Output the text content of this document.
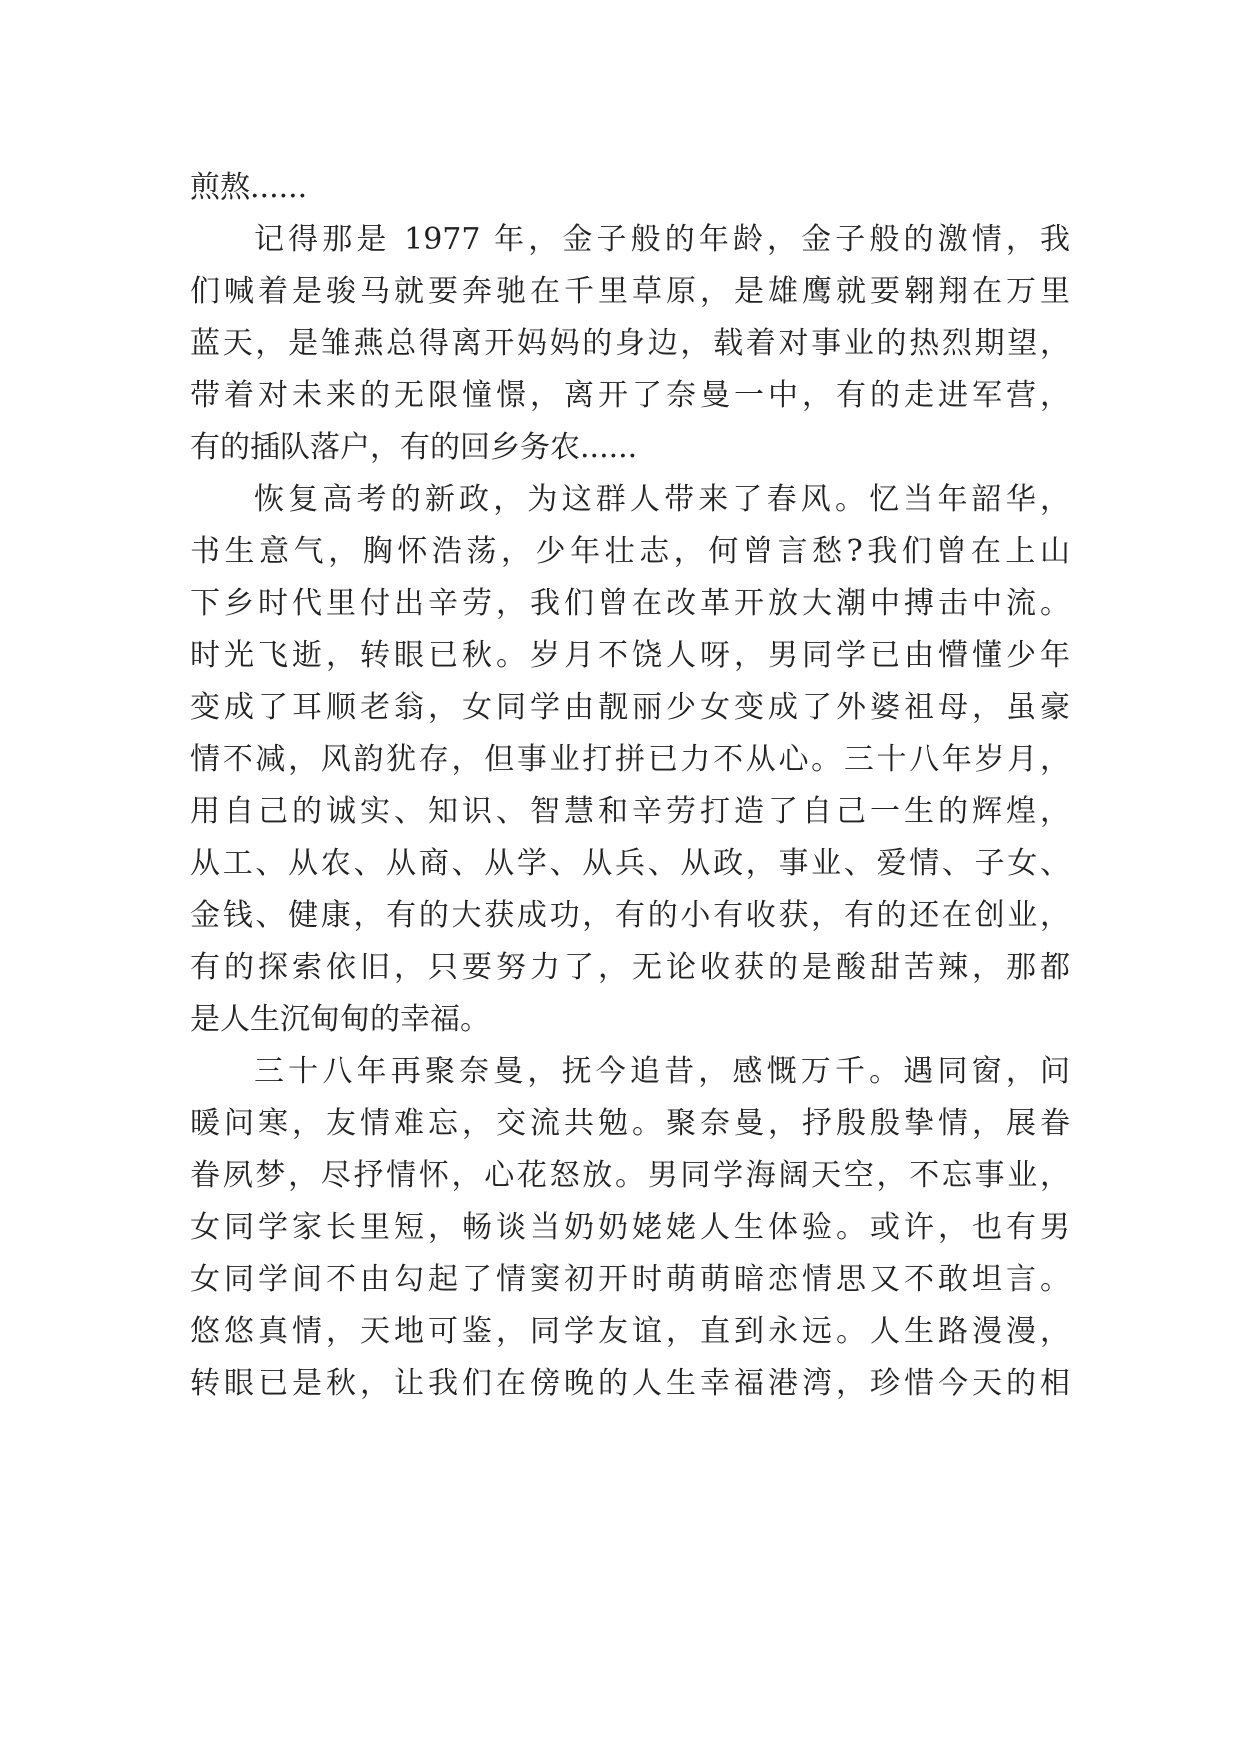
煎熬......
记得那是 1977 年，金子般的年龄，金子般的激情，我
们喊着是骏马就要奔驰在千里草原，是雄鹰就要翱翔在万里
蓝天，是雏燕总得离开妈妈的身边，载着对事业的热烈期望，
带着对未来的无限憧憬，离开了奈曼一中，有的走进军营，
有的插队落户，有的回乡务农......
恢复高考的新政，为这群人带来了春风。忆当年韶华，
书生意气，胸怀浩荡，少年壮志，何曾言愁?我们曾在上山
下乡时代里付出辛劳，我们曾在改革开放大潮中搏击中流。
时光飞逝，转眼已秋。岁月不饶人呀，男同学已由懵懂少年
变成了耳顺老翁，女同学由靓丽少女变成了外婆祖母，虽豪
情不减，风韵犹存，但事业打拼已力不从心。三十八年岁月，
用自己的诚实、知识、智慧和辛劳打造了自己一生的辉煌，
从工、从农、从商、从学、从兵、从政，事业、爱情、子女、
金钱、健康，有的大获成功，有的小有收获，有的还在创业，
有的探索依旧，只要努力了，无论收获的是酸甜苦辣，那都
是人生沉甸甸的幸福。
三十八年再聚奈曼，抚今追昔，感慨万千。遇同窗，问
暖问寒，友情难忘，交流共勉。聚奈曼，抒殷殷挚情，展眷
眷夙梦，尽抒情怀，心花怒放。男同学海阔天空，不忘事业，
女同学家长里短，畅谈当奶奶姥姥人生体验。或许，也有男
女同学间不由勾起了情窦初开时萌萌暗恋情思又不敢坦言。
悠悠真情，天地可鉴，同学友谊，直到永远。人生路漫漫，
转眼已是秋，让我们在傍晚的人生幸福港湾，珍惜今天的相
